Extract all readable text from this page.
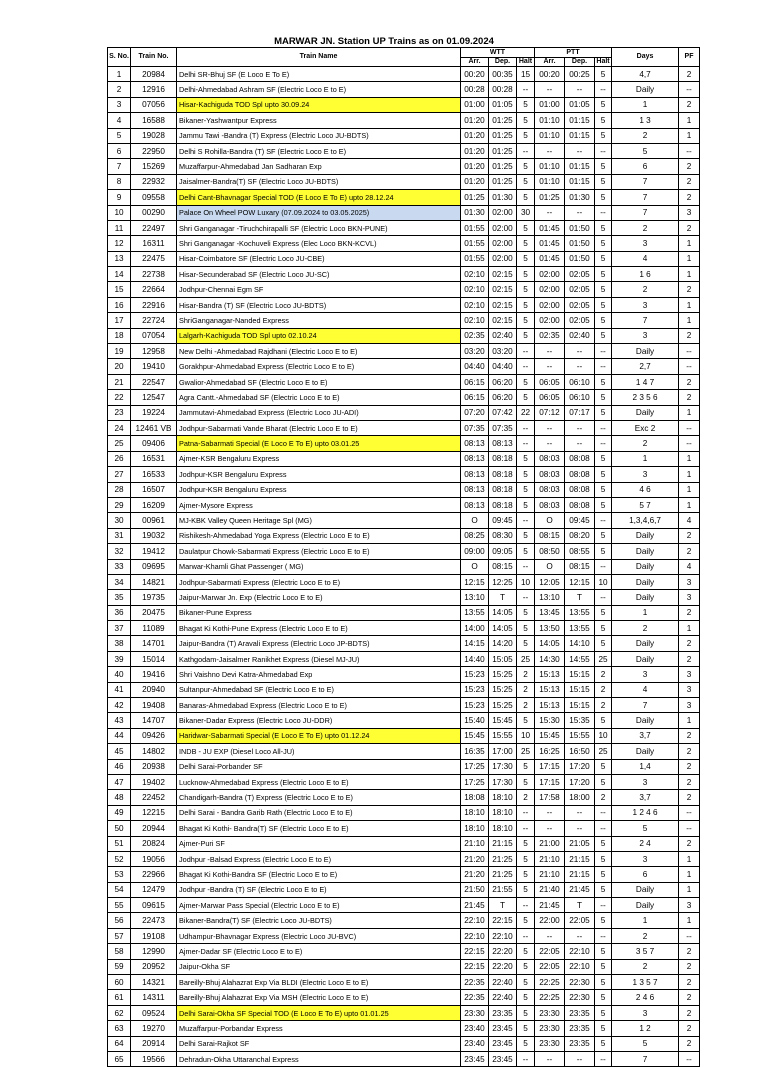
MARWAR JN. Station UP Trains as on 01.09.2024
S. No.	Train No.	Train Name	WTT			PTT			Days	PF
			Arr.	Dep.	Halt	Arr.	Dep.	Halt		
1	20984	Delhi SR-Bhuj SF (E Loco E To E)	00:20	00:35	15	00:20	00:25	5	4,7	2
2	12916	Delhi-Ahmedabad Ashram SF (Electric Loco E to E)	00:28	00:28	--	--	--	--	Daily	--
3	07056	Hisar-Kachiguda TOD Spl upto 30.09.24	01:00	01:05	5	01:00	01:05	5	1	2
4	16588	Bikaner-Yashwantpur Express	01:20	01:25	5	01:10	01:15	5	1 3	1
5	19028	Jammu Tawi -Bandra (T) Express (Electric Loco JU-BDTS)	01:20	01:25	5	01:10	01:15	5	2	1
6	22950	Delhi S Rohilla-Bandra (T) SF (Electric Loco E to E)	01:20	01:25	--	--	--	--	5	--
7	15269	Muzaffarpur-Ahmedabad Jan Sadharan Exp	01:20	01:25	5	01:10	01:15	5	6	2
8	22932	Jaisalmer-Bandra(T) SF (Electric Loco JU-BDTS)	01:20	01:25	5	01:10	01:15	5	7	2
9	09558	Delhi Cant-Bhavnagar Special TOD (E Loco E To E) upto 28.12.24	01:25	01:30	5	01:25	01:30	5	7	2
10	00290	Palace On Wheel POW Luxary (07.09.2024 to 03.05.2025)	01:30	02:00	30	--	--	--	7	3
11	22497	Shri Ganganagar -Tiruchchirapalli SF (Electric Loco BKN-PUNE)	01:55	02:00	5	01:45	01:50	5	2	2
12	16311	Shri Ganganagar -Kochuveli Express (Elec Loco BKN-KCVL)	01:55	02:00	5	01:45	01:50	5	3	1
13	22475	Hisar-Coimbatore SF (Electric Loco JU-CBE)	01:55	02:00	5	01:45	01:50	5	4	1
14	22738	Hisar-Secunderabad SF (Electric Loco JU-SC)	02:10	02:15	5	02:00	02:05	5	1 6	1
15	22664	Jodhpur-Chennai Egm SF	02:10	02:15	5	02:00	02:05	5	2	2
16	22916	Hisar-Bandra (T) SF (Electric Loco JU-BDTS)	02:10	02:15	5	02:00	02:05	5	3	1
17	22724	ShriGanganagar-Nanded Express	02:10	02:15	5	02:00	02:05	5	7	1
18	07054	Lalgarh-Kachiguda TOD Spl upto 02.10.24	02:35	02:40	5	02:35	02:40	5	3	2
19	12958	New Delhi -Ahmedabad Rajdhani (Electric Loco E to E)	03:20	03:20	--	--	--	--	Daily	--
20	19410	Gorakhpur-Ahmedabad Express (Electric Loco E to E)	04:40	04:40	--	--	--	--	2,7	--
21	22547	Gwalior-Ahmedabad SF (Electric Loco E to E)	06:15	06:20	5	06:05	06:10	5	1 4 7	2
22	12547	Agra Cantt.-Ahmedabad SF (Electric Loco E to E)	06:15	06:20	5	06:05	06:10	5	2 3 5 6	2
23	19224	Jammutavi-Ahmedabad Express (Electric Loco JU-ADI)	07:20	07:42	22	07:12	07:17	5	Daily	1
24	12461 VB	Jodhpur-Sabarmati Vande Bharat (Electric Loco E to E)	07:35	07:35	--	--	--	--	Exc 2	--
25	09406	Patna-Sabarmati Special (E Loco E To E) upto 03.01.25	08:13	08:13	--	--	--	--	2	--
26	16531	Ajmer-KSR Bengaluru Express	08:13	08:18	5	08:03	08:08	5	1	1
27	16533	Jodhpur-KSR Bengaluru Express	08:13	08:18	5	08:03	08:08	5	3	1
28	16507	Jodhpur-KSR Bengaluru Express	08:13	08:18	5	08:03	08:08	5	4 6	1
29	16209	Ajmer-Mysore Express	08:13	08:18	5	08:03	08:08	5	5 7	1
30	00961	MJ-KBK Valley Queen Heritage Spl (MG)	O	09:45	--	O	09:45	--	1,3,4,6,7	4
31	19032	Rishikesh-Ahmedabad Yoga Express (Electric Loco E to E)	08:25	08:30	5	08:15	08:20	5	Daily	2
32	19412	Daulatpur Chowk-Sabarmati Express (Electric Loco E to E)	09:00	09:05	5	08:50	08:55	5	Daily	2
33	09695	Marwar-Khamli Ghat Passenger ( MG)	O	08:15	--	O	08:15	--	Daily	4
34	14821	Jodhpur-Sabarmati Express (Electric Loco E to E)	12:15	12:25	10	12:05	12:15	10	Daily	3
35	19735	Jaipur-Marwar Jn. Exp (Electric Loco E to E)	13:10	T	--	13:10	T	--	Daily	3
36	20475	Bikaner-Pune Express	13:55	14:05	5	13:45	13:55	5	1	2
37	11089	Bhagat Ki Kothi-Pune Express (Electric Loco E to E)	14:00	14:05	5	13:50	13:55	5	2	1
38	14701	Jaipur-Bandra (T) Aravali Express (Electric Loco JP-BDTS)	14:15	14:20	5	14:05	14:10	5	Daily	2
39	15014	Kathgodam-Jaisalmer Ranikhet Express (Diesel MJ-JU)	14:40	15:05	25	14:30	14:55	25	Daily	2
40	19416	Shri Vaishno Devi Katra-Ahmedabad Exp	15:23	15:25	2	15:13	15:15	2	3	3
41	20940	Sultanpur-Ahmedabad SF (Electric Loco E to E)	15:23	15:25	2	15:13	15:15	2	4	3
42	19408	Banaras-Ahmedabad Express (Electric Loco E to E)	15:23	15:25	2	15:13	15:15	2	7	3
43	14707	Bikaner-Dadar Express (Electric Loco JU-DDR)	15:40	15:45	5	15:30	15:35	5	Daily	1
44	09426	Haridwar-Sabarmati Special (E Loco E To E) upto 01.12.24	15:45	15:55	10	15:45	15:55	10	3,7	2
45	14802	INDB - JU EXP (Diesel Loco All-JU)	16:35	17:00	25	16:25	16:50	25	Daily	2
46	20938	Delhi Sarai-Porbander SF	17:25	17:30	5	17:15	17:20	5	1,4	2
47	19402	Lucknow-Ahmedabad Express (Electric Loco E to E)	17:25	17:30	5	17:15	17:20	5	3	2
48	22452	Chandigarh-Bandra (T) Express (Electric Loco E to E)	18:08	18:10	2	17:58	18:00	2	3,7	2
49	12215	Delhi Sarai - Bandra Garib Rath (Electric Loco E to E)	18:10	18:10	--	--	--	--	1 2 4 6	--
50	20944	Bhagat Ki Kothi- Bandra(T) SF (Electric Loco E to E)	18:10	18:10	--	--	--	--	5	--
51	20824	Ajmer-Puri SF	21:10	21:15	5	21:00	21:05	5	2 4	2
52	19056	Jodhpur -Balsad Express (Electric Loco E to E)	21:20	21:25	5	21:10	21:15	5	3	1
53	22966	Bhagat Ki Kothi-Bandra SF (Electric Loco E to E)	21:20	21:25	5	21:10	21:15	5	6	1
54	12479	Jodhpur -Bandra (T) SF (Electric Loco E to E)	21:50	21:55	5	21:40	21:45	5	Daily	1
55	09615	Ajmer-Marwar Pass Special (Electric Loco E to E)	21:45	T	--	21:45	T	--	Daily	3
56	22473	Bikaner-Bandra(T) SF (Electric Loco JU-BDTS)	22:10	22:15	5	22:00	22:05	5	1	1
57	19108	Udhampur-Bhavnagar Express (Electric Loco JU-BVC)	22:10	22:10	--	--	--	--	2	--
58	12990	Ajmer-Dadar SF (Electric Loco E to E)	22:15	22:20	5	22:05	22:10	5	3 5 7	2
59	20952	Jaipur-Okha SF	22:15	22:20	5	22:05	22:10	5	2	2
60	14321	Bareilly-Bhuj Alahazrat Exp Via BLDI (Electric Loco E to E)	22:35	22:40	5	22:25	22:30	5	1 3 5 7	2
61	14311	Bareilly-Bhuj Alahazrat Exp Via MSH (Electric Loco E to E)	22:35	22:40	5	22:25	22:30	5	2 4 6	2
62	09524	Delhi Sarai-Okha SF Special TOD (E Loco E To E) upto 01.01.25	23:30	23:35	5	23:30	23:35	5	3	2
63	19270	Muzaffarpur-Porbandar Express	23:40	23:45	5	23:30	23:35	5	1 2	2
64	20914	Delhi Sarai-Rajkot SF	23:40	23:45	5	23:30	23:35	5	5	2
65	19566	Dehradun-Okha Uttaranchal Express	23:45	23:45	--	--	--	--	7	--
